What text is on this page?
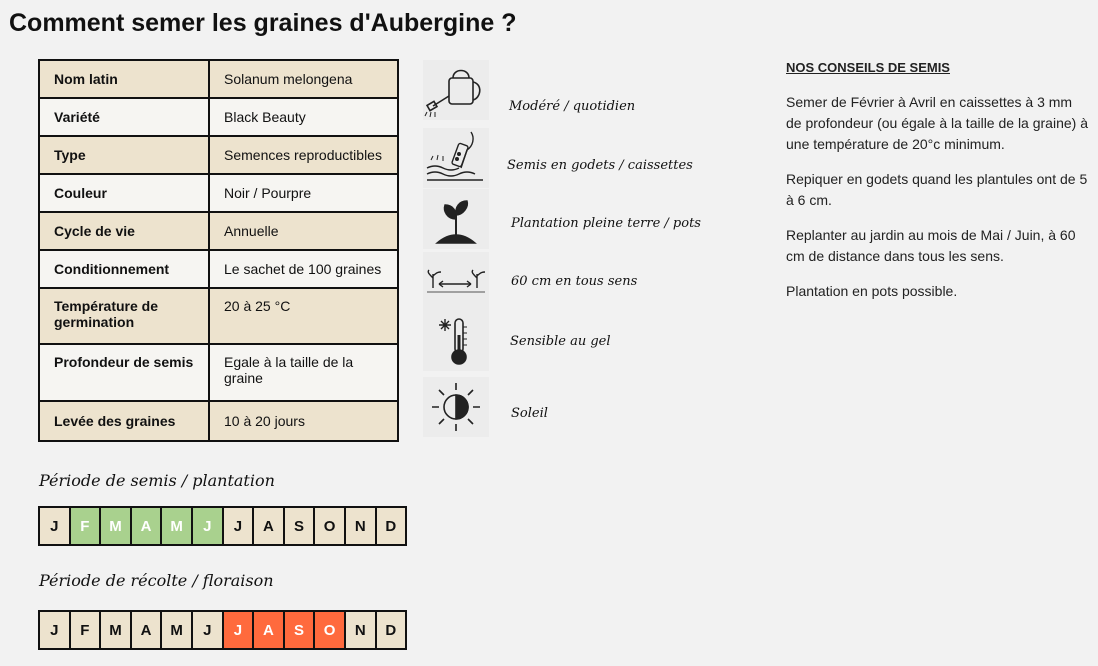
Comment semer les graines d'Aubergine ?
Nom latin	Solanum melongena
Variété	Black Beauty
Type	Semences reproductibles
Couleur	Noir / Pourpre
Cycle de vie	Annuelle
Conditionnement	Le sachet de 100 graines
Température de germination	20 à 25 °C
Profondeur de semis	Egale à la taille de la graine
Levée des graines	10 à 20 jours
Modéré / quotidien
Semis en godets / caissettes
Plantation pleine terre / pots
60 cm en tous sens
Sensible au gel
Soleil
Période de semis / plantation
J	F	M	A	M	J	J	A	S	O	N	D
Période de récolte / floraison
J	F	M	A	M	J	J	A	S	O	N	D
NOS CONSEILS DE SEMIS

Semer de Février à Avril en caissettes à 3 mm de profondeur (ou égale à la taille de la graine) à une température de 20°c minimum.

Repiquer en godets quand les plantules ont de 5 à 6 cm.

Replanter au jardin au mois de Mai / Juin, à 60 cm de distance dans tous les sens.

Plantation en pots possible.
